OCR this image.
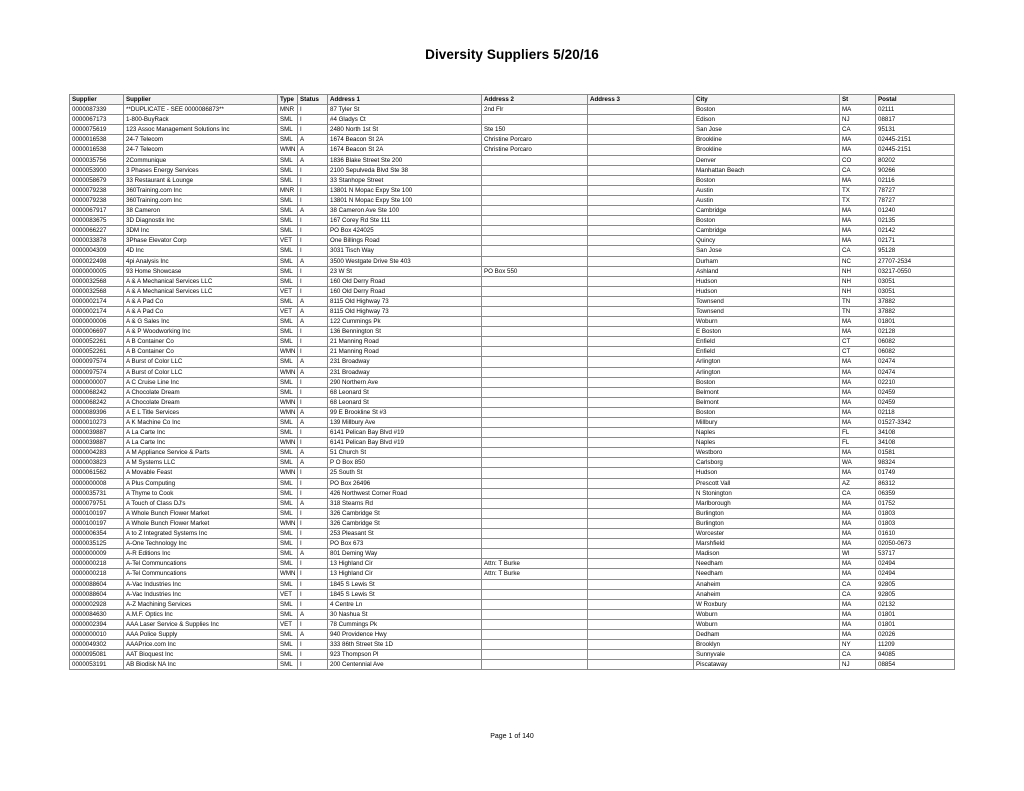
Diversity Suppliers 5/20/16
Supplier	Supplier	Type	Status	Address 1	Address 2	Address 3	City	St	Postal
0000087339	**DUPLICATE - SEE 0000086873**	MNR	I	87 Tyler St	2nd Flr		Boston	MA	02111
0000067173	1-800-BuyRack	SML	I	#4 Gladys Ct			Edison	NJ	08817
0000075619	123 Assoc Management Solutions Inc	SML	I	2480 North 1st St	Ste 150		San Jose	CA	95131
0000016538	24-7 Telecom	SML	A	1674 Beacon St 2A	Christine Porcaro		Brookline	MA	02445-2151
0000016538	24-7 Telecom	WMN	A	1674 Beacon St 2A	Christine Porcaro		Brookline	MA	02445-2151
0000035756	2Communique	SML	A	1836 Blake Street Ste 200			Denver	CO	80202
0000053900	3 Phases Energy Services	SML	I	2100 Sepulveda Blvd Ste 38			Manhattan Beach	CA	90266
0000058679	33 Restaurant & Lounge	SML	I	33 Stanhope Street			Boston	MA	02116
0000079238	360Training.com Inc	MNR	I	13801 N Mopac Expy Ste 100			Austin	TX	78727
0000079238	360Training.com Inc	SML	I	13801 N Mopac Expy Ste 100			Austin	TX	78727
0000067917	38 Cameron	SML	A	38 Cameron Ave Ste 100			Cambridge	MA	01240
0000083675	3D Diagnostix Inc	SML	I	167 Corey Rd Ste 111			Boston	MA	02135
0000066227	3DM Inc	SML	I	PO Box 424025			Cambridge	MA	02142
0000033878	3Phase Elevator Corp	VET	I	One Billings Road			Quincy	MA	02171
0000004309	4D Inc	SML	I	3031 Tisch Way			San Jose	CA	95128
0000022498	4pi Analysis Inc	SML	A	3500 Westgate Drive Ste 403			Durham	NC	27707-2534
0000000005	93 Home Showcase	SML	I	23 W St	PO Box 550		Ashland	NH	03217-0550
0000032568	A & A Mechanical Services LLC	SML	I	160 Old Derry Road			Hudson	NH	03051
0000032568	A & A Mechanical Services LLC	VET	I	160 Old Derry Road			Hudson	NH	03051
0000002174	A & A Pad Co	SML	A	8115 Old Highway 73			Townsend	TN	37882
0000002174	A & A Pad Co	VET	A	8115 Old Highway 73			Townsend	TN	37882
0000000006	A & G Sales Inc	SML	A	122 Cummings Pk			Woburn	MA	01801
0000006697	A & P Woodworking Inc	SML	I	136 Bennington St			E Boston	MA	02128
0000052261	A B Container Co	SML	I	21 Manning Road			Enfield	CT	06082
0000052261	A B Container Co	WMN	I	21 Manning Road			Enfield	CT	06082
0000097574	A Burst of Color LLC	SML	A	231 Broadway			Arlington	MA	02474
0000097574	A Burst of Color LLC	WMN	A	231 Broadway			Arlington	MA	02474
0000000007	A C Cruise Line Inc	SML	I	290 Northern Ave			Boston	MA	02210
0000068242	A Chocolate Dream	SML	I	68 Leonard St			Belmont	MA	02459
0000068242	A Chocolate Dream	WMN	I	68 Leonard St			Belmont	MA	02459
0000089396	A E L Title Services	WMN	A	99 E Brookline St #3			Boston	MA	02118
0000010273	A K Machine Co Inc	SML	A	139 Millbury Ave			Millbury	MA	01527-3342
0000039887	A La Carte Inc	SML	I	6141 Pelican Bay Blvd #19			Naples	FL	34108
0000039887	A La Carte Inc	WMN	I	6141 Pelican Bay Blvd #19			Naples	FL	34108
0000004283	A M Appliance Service & Parts	SML	A	51 Church St			Westboro	MA	01581
0000003823	A M Systems LLC	SML	A	P O Box 850			Carlsborg	WA	98324
0000061562	A Movable Feast	WMN	I	25 South St			Hudson	MA	01749
0000000008	A Plus Computing	SML	I	PO Box 26496			Prescott Vall	AZ	86312
0000035731	A Thyme to Cook	SML	I	426 Northwest Corner Road			N Stonington	CA	06359
0000079751	A Touch of Class DJ's	SML	A	318 Stearns Rd			Marlborough	MA	01752
0000100197	A Whole Bunch Flower Market	SML	I	326 Cambridge St			Burlington	MA	01803
0000100197	A Whole Bunch Flower Market	WMN	I	326 Cambridge St			Burlington	MA	01803
0000006354	A to Z Integrated Systems Inc	SML	I	253 Pleasant St			Worcester	MA	01610
0000035125	A-One Technology Inc	SML	I	PO Box 673			Marshfield	MA	02050-0673
0000000009	A-R Editions Inc	SML	A	801 Deming Way			Madison	WI	53717
0000000218	A-Tel Communcations	SML	I	13 Highland Cir	Attn: T Burke		Needham	MA	02494
0000000218	A-Tel Communcations	WMN	I	13 Highland Cir	Attn: T Burke		Needham	MA	02494
0000088604	A-Vac Industries Inc	SML	I	1845 S Lewis St			Anaheim	CA	92805
0000088604	A-Vac Industries Inc	VET	I	1845 S Lewis St			Anaheim	CA	92805
0000002928	A-Z Machining Services	SML	I	4 Centre Ln			W Roxbury	MA	02132
0000084630	A.M.F. Optics Inc	SML	A	30 Nashua St			Woburn	MA	01801
0000002394	AAA Laser Service & Supplies Inc	VET	I	78 Cummings Pk			Woburn	MA	01801
0000000010	AAA Police Supply	SML	A	940 Providence Hwy			Dedham	MA	02026
0000049302	AAAPrice.com Inc	SML	I	333 86th Street Ste 1D			Brooklyn	NY	11209
0000095081	AAT Bioquest Inc	SML	I	923 Thompson Pl			Sunnyvale	CA	94085
0000053191	AB Biodisk NA Inc	SML	I	200 Centennial Ave			Piscataway	NJ	08854
Page 1 of 140
